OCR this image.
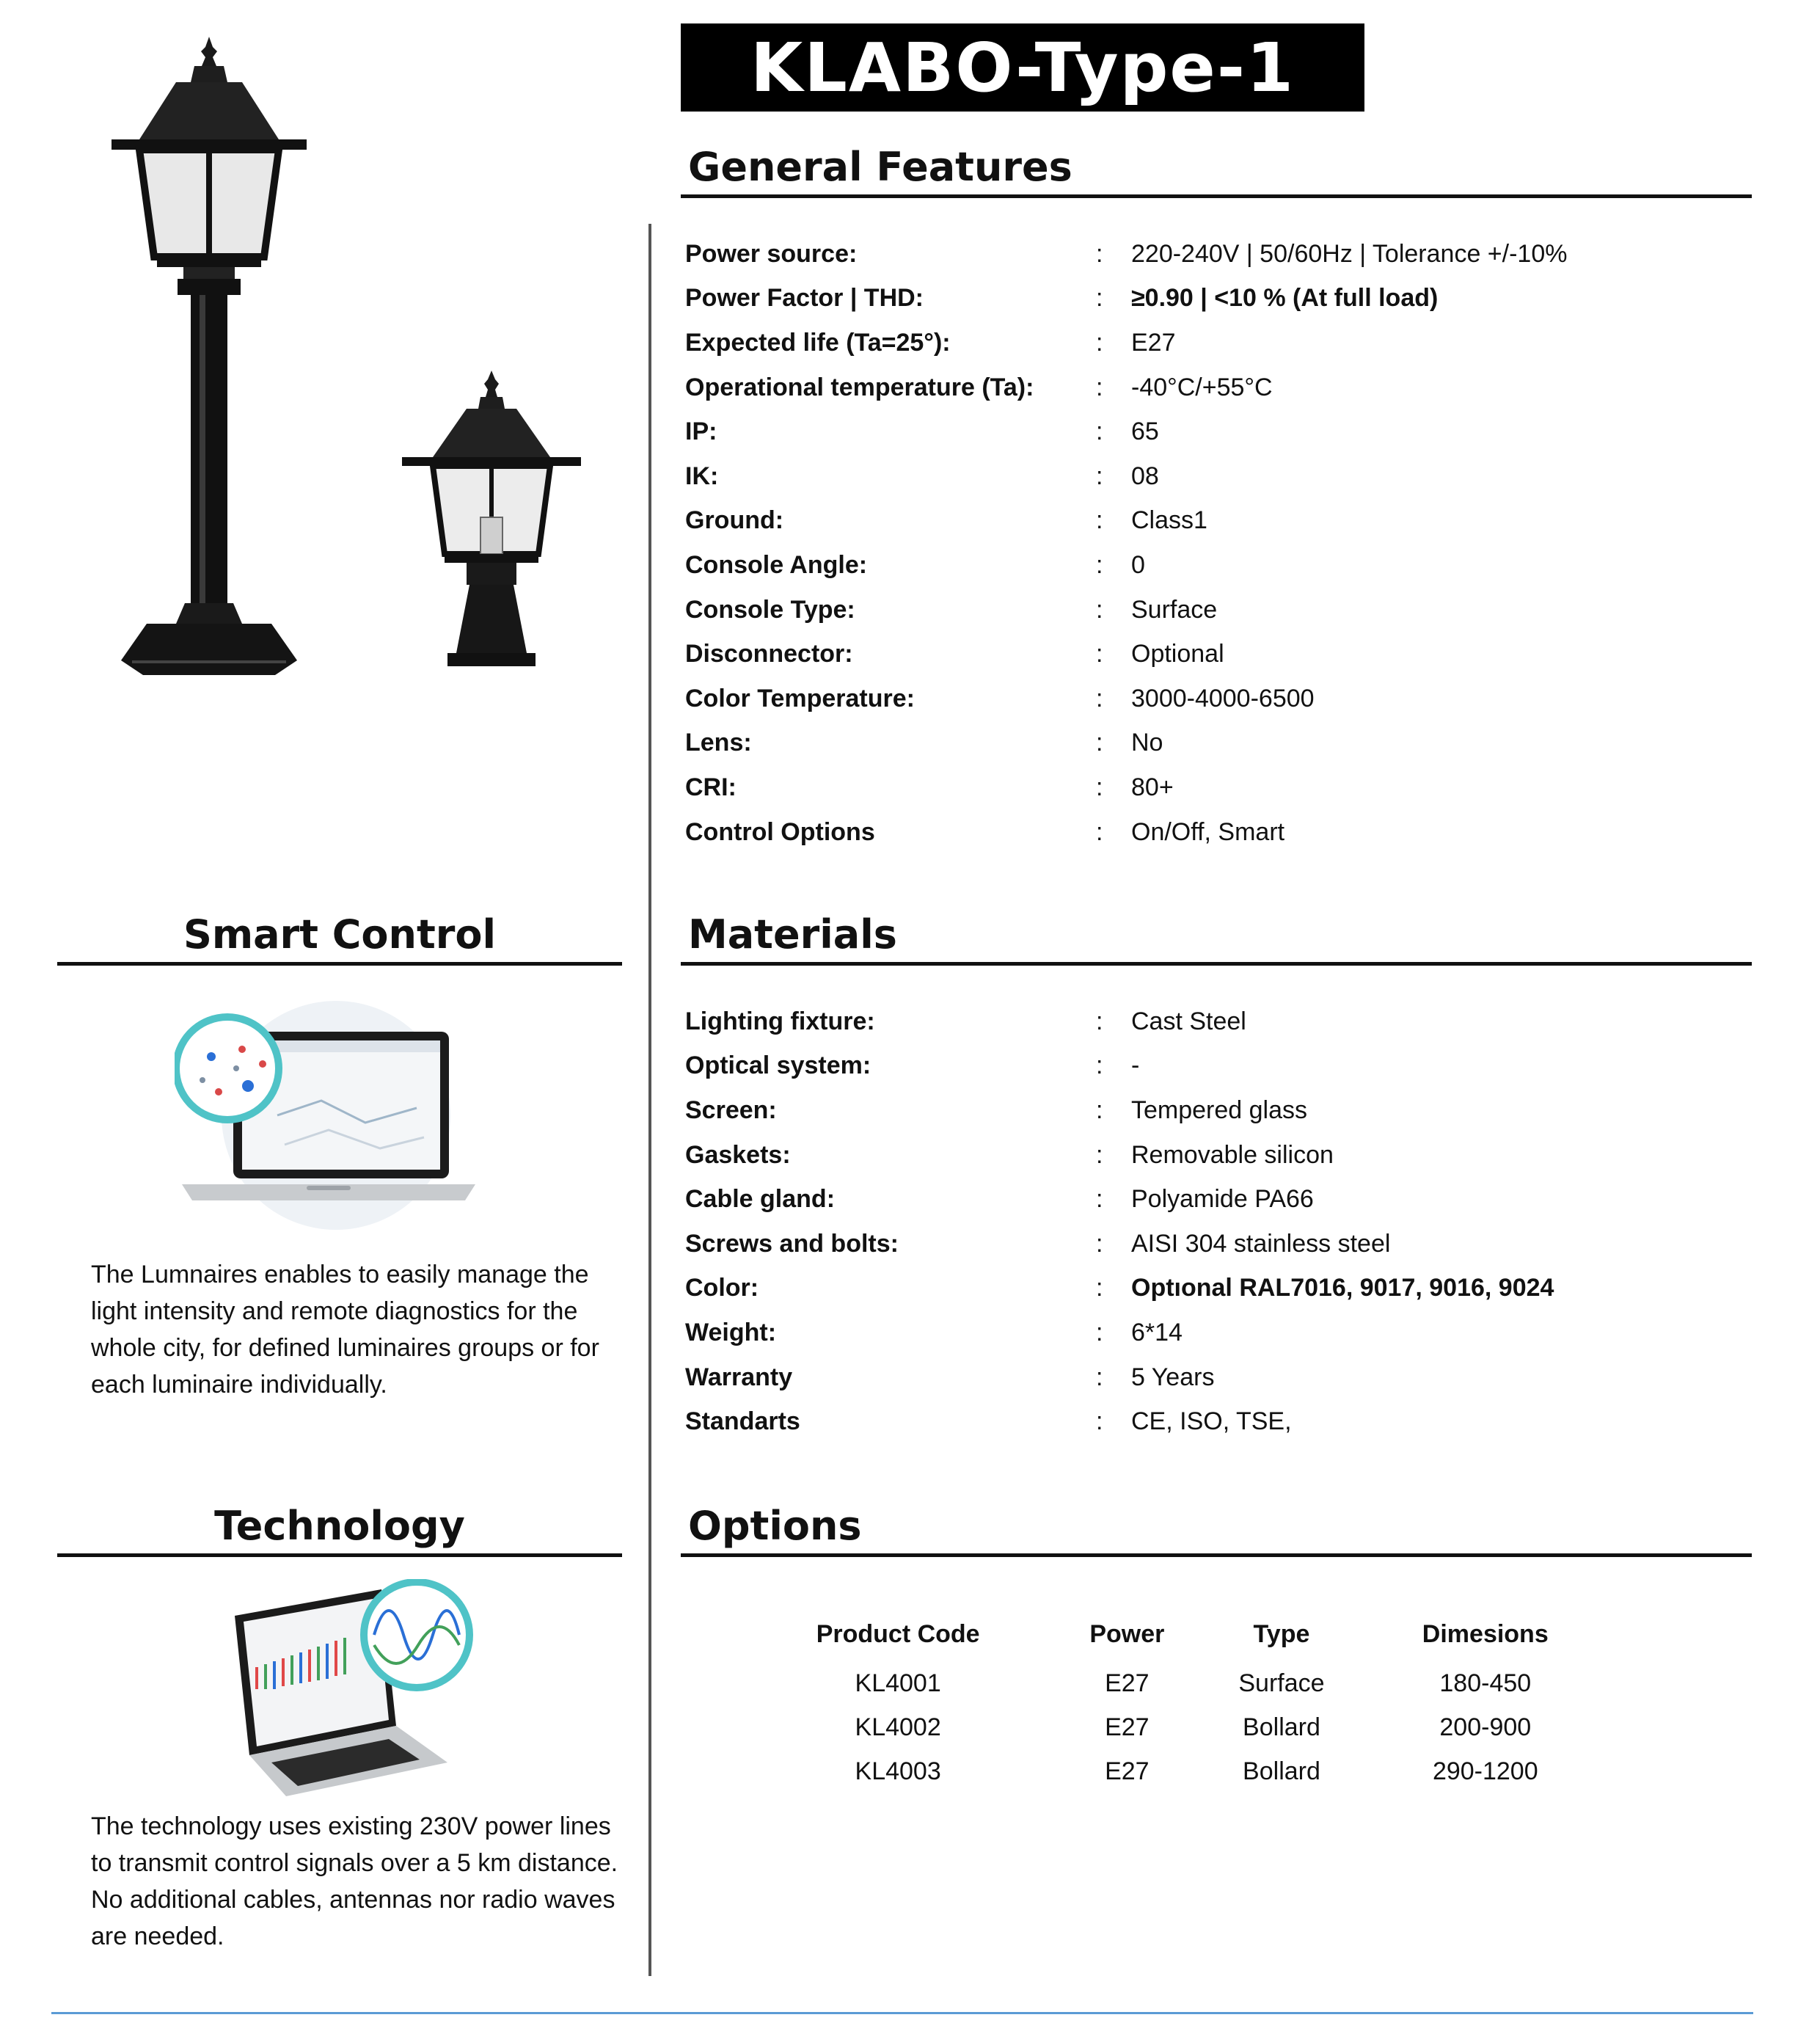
KLABO-Type-1
General Features
Power source:	:	220-240V | 50/60Hz | Tolerance +/-10%
Power Factor | THD:	:	≥0.90 | <10 % (At full load)
Expected life (Ta=25°):	:	E27
Operational temperature (Ta):	:	-40°C/+55°C
IP:	:	65
IK:	:	08
Ground:	:	Class1
Console Angle:	:	0
Console Type:	:	Surface
Disconnector:	:	Optional
Color Temperature:	:	3000-4000-6500
Lens:	:	No
CRI:	:	80+
Control Options	:	On/Off, Smart
Smart Control
The Lumnaires enables to easily manage the light intensity and remote diagnostics for the whole city, for defined luminaires groups or for each luminaire individually.
Materials
Lighting fixture:	:	Cast Steel
Optical system:	:	-
Screen:	:	Tempered glass
Gaskets:	:	Removable silicon
Cable gland:	:	Polyamide PA66
Screws and bolts:	:	AISI 304 stainless steel
Color:	:	Optıonal RAL7016, 9017, 9016, 9024
Weight:	:	6*14
Warranty	:	5 Years
Standarts	:	CE, ISO, TSE,
Technology
The technology uses existing 230V power lines to transmit control signals over a 5 km distance. No additional cables, antennas nor radio waves are needed.
Options
Product Code	Power	Type	Dimesions
KL4001	E27	Surface	180-450
KL4002	E27	Bollard	200-900
KL4003	E27	Bollard	290-1200
